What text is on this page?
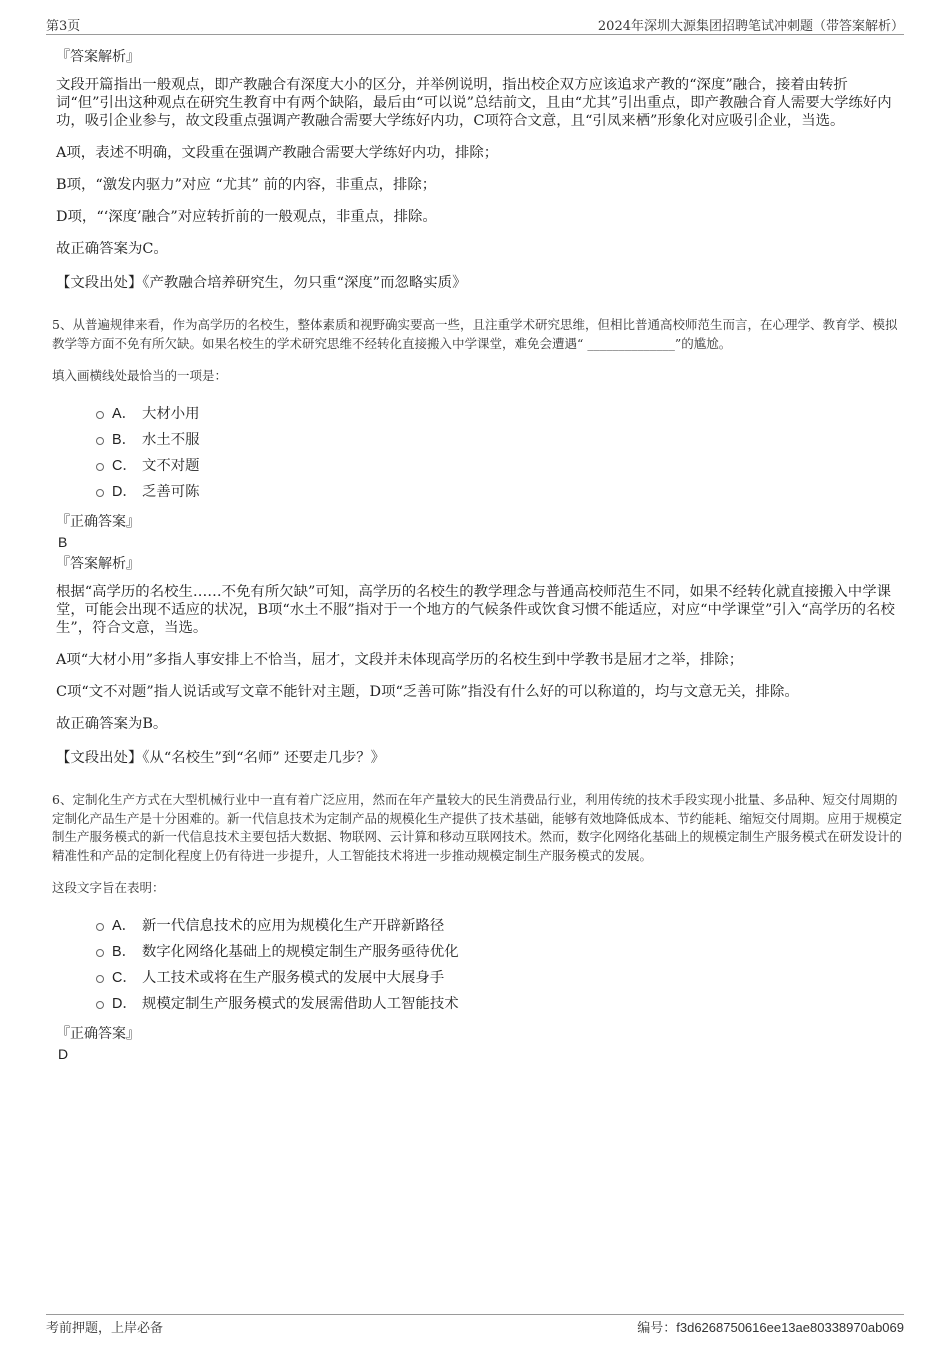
第3页	2024年深圳大源集团招聘笔试冲刺题（带答案解析）

『答案解析』

文段开篇指出一般观点，即产教融合有深度大小的区分，并举例说明，指出校企双方应该追求产教的“深度”融合，接着由转折词“但”引出这种观点在研究生教育中有两个缺陷，最后由“可以说”总结前文，且由“尤其”引出重点，即产教融合育人需要大学练好内功，吸引企业参与，故文段重点强调产教融合需要大学练好内功，C项符合文意，且“引凤来栖”形象化对应吸引企业，当选。

A项，表述不明确，文段重在强调产教融合需要大学练好内功，排除；

B项，“激发内驱力”对应 “尤其” 前的内容，非重点，排除；

D项，“‘深度’融合”对应转折前的一般观点，非重点，排除。

故正确答案为C。

【文段出处】《产教融合培养研究生，勿只重“深度”而忽略实质》

5、从普遍规律来看，作为高学历的名校生，整体素质和视野确实要高一些，且注重学术研究思维，但相比普通高校师范生而言，在心理学、教育学、模拟教学等方面不免有所欠缺。如果名校生的学术研究思维不经转化直接搬入中学课堂，难免会遭遇“ ______________”的尴尬。

填入画横线处最恰当的一项是：

A． 大材小用
B． 水土不服
C． 文不对题
D． 乏善可陈

『正确答案』

B

『答案解析』

根据“高学历的名校生……不免有所欠缺”可知，高学历的名校生的教学理念与普通高校师范生不同，如果不经转化就直接搬入中学课堂，可能会出现不适应的状况，B项“水土不服”指对于一个地方的气候条件或饮食习惯不能适应，对应“中学课堂”引入“高学历的名校生”，符合文意，当选。

A项“大材小用”多指人事安排上不恰当，屈才，文段并未体现高学历的名校生到中学教书是屈才之举，排除；

C项“文不对题”指人说话或写文章不能针对主题，D项“乏善可陈”指没有什么好的可以称道的，均与文意无关，排除。

故正确答案为B。

【文段出处】《从“名校生”到“名师” 还要走几步？》

6、定制化生产方式在大型机械行业中一直有着广泛应用，然而在年产量较大的民生消费品行业，利用传统的技术手段实现小批量、多品种、短交付周期的定制化产品生产是十分困难的。新一代信息技术为定制产品的规模化生产提供了技术基础，能够有效地降低成本、节约能耗、缩短交付周期。应用于规模定制生产服务模式的新一代信息技术主要包括大数据、物联网、云计算和移动互联网技术。然而，数字化网络化基础上的规模定制生产服务模式在研发设计的精准性和产品的定制化程度上仍有待进一步提升，人工智能技术将进一步推动规模定制生产服务模式的发展。

这段文字旨在表明：

A． 新一代信息技术的应用为规模化生产开辟新路径
B． 数字化网络化基础上的规模定制生产服务亟待优化
C． 人工技术或将在生产服务模式的发展中大展身手
D． 规模定制生产服务模式的发展需借助人工智能技术

『正确答案』

D

考前押题，上岸必备	编号：f3d6268750616ee13ae80338970ab069
